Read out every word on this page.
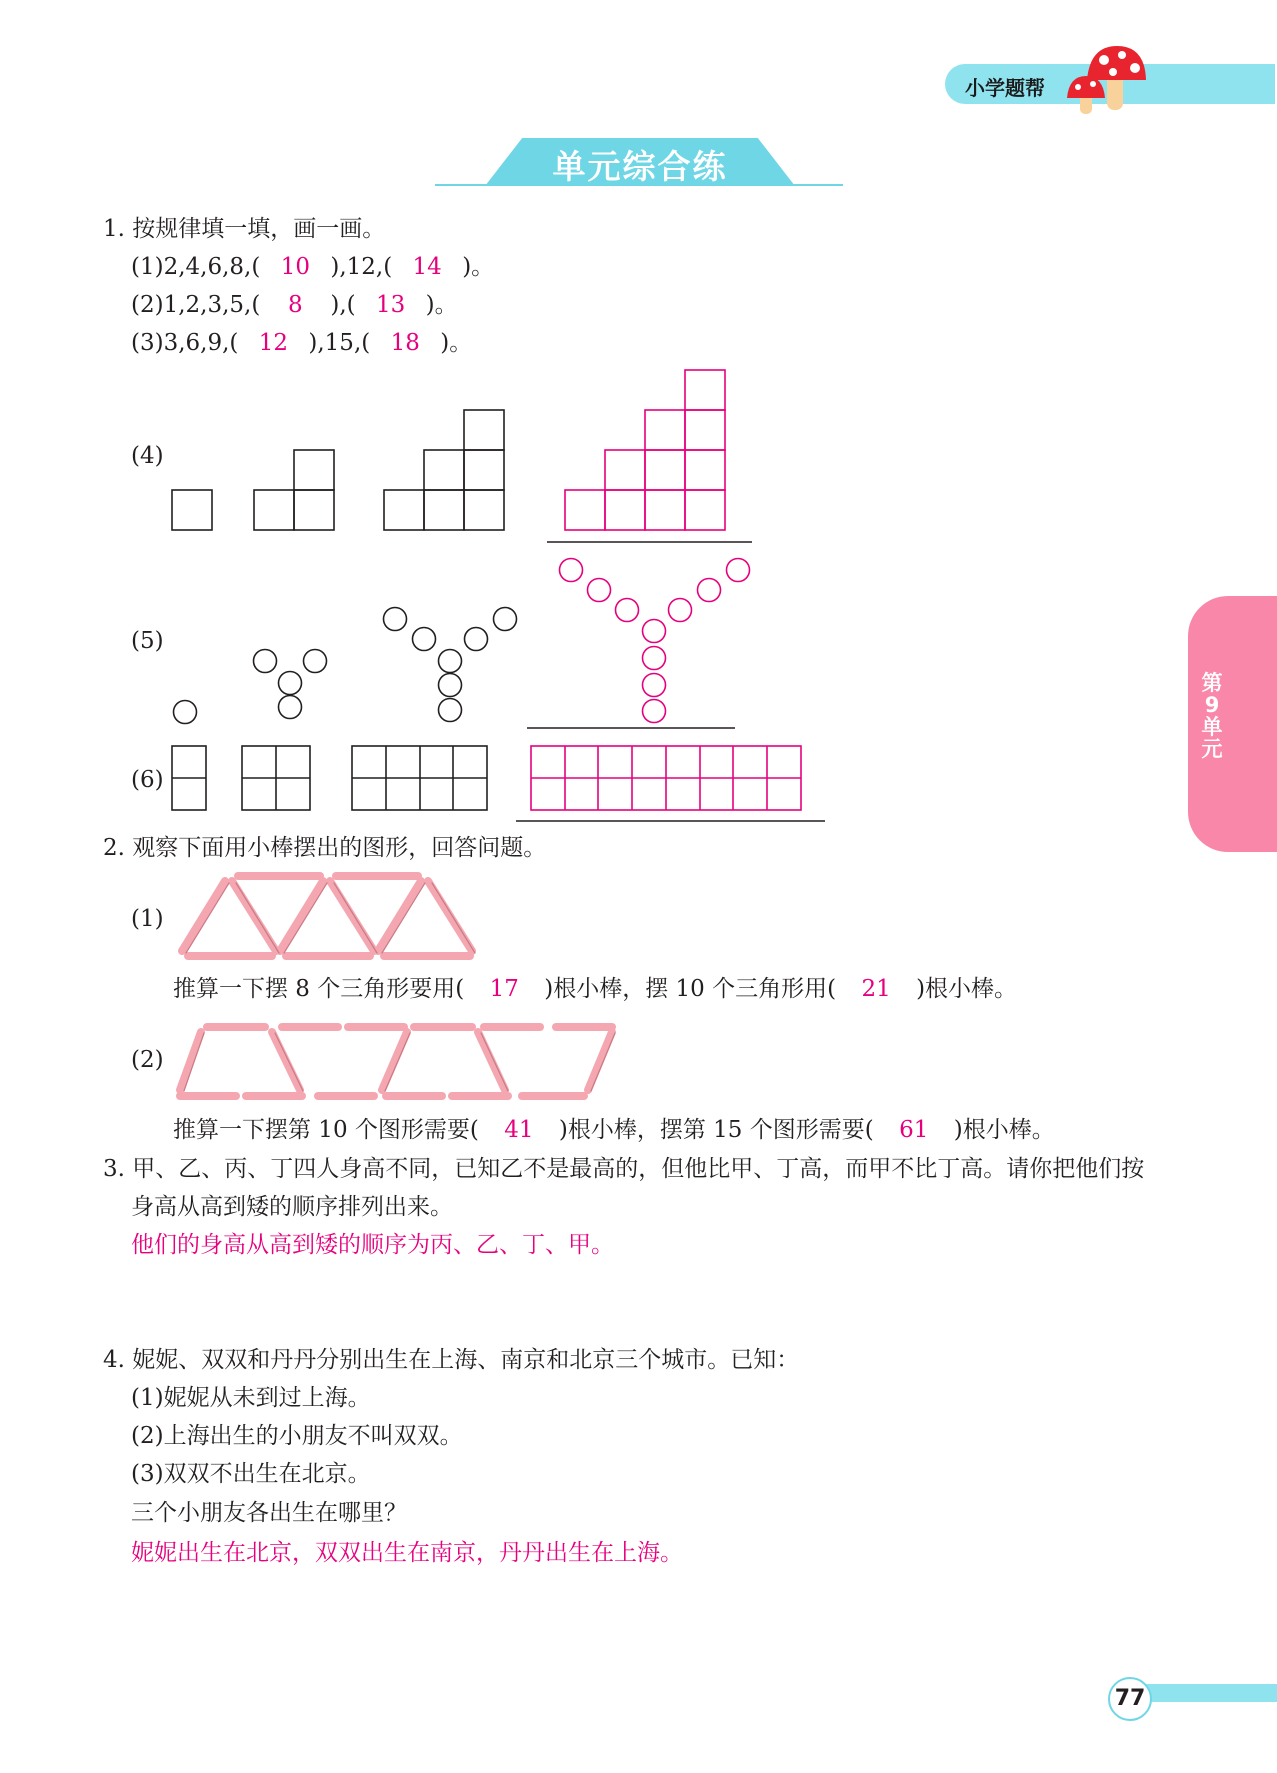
小学题帮
单元综合练
第9单元
1. 按规律填一填，画一画。
(1)2,4,6,8,( 10 ),12,( 14 )。
(2)1,2,3,5,( 8 ),( 13 )。
(3)3,6,9,( 12 ),15,( 18 )。
(4)
(5)
(6)
2. 观察下面用小棒摆出的图形，回答问题。
(1)
推算一下摆 8 个三角形要用( 17 )根小棒，摆 10 个三角形用( 21 )根小棒。
(2)
推算一下摆第 10 个图形需要( 41 )根小棒，摆第 15 个图形需要( 61 )根小棒。
3. 甲、乙、丙、丁四人身高不同，已知乙不是最高的，但他比甲、丁高，而甲不比丁高。请你把他们按
身高从高到矮的顺序排列出来。
他们的身高从高到矮的顺序为丙、乙、丁、甲。
4. 妮妮、双双和丹丹分别出生在上海、南京和北京三个城市。已知：
(1)妮妮从未到过上海。
(2)上海出生的小朋友不叫双双。
(3)双双不出生在北京。
三个小朋友各出生在哪里？
妮妮出生在北京，双双出生在南京，丹丹出生在上海。
77
